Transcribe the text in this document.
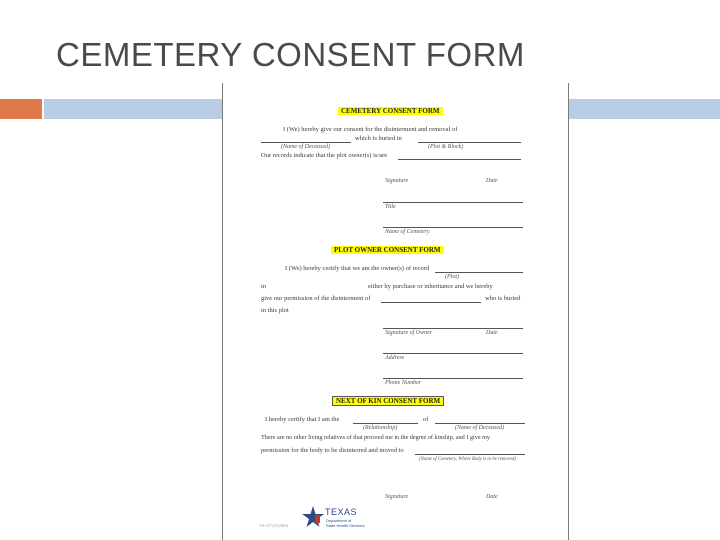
CEMETERY CONSENT FORM
CEMETERY CONSENT FORM
I (We) hereby give our consent for the disinterment and removal of
which is buried in
(Name of Deceased)	(Plot & Block)
Our records indicate that the plot owner(s) is/are
Signature	Date
Title
Name of Cemetery
PLOT OWNER CONSENT FORM
I (We) hereby certify that we am the owner(s) of record
(Plot)
in	either by purchase or inheritance and we hereby
give our permission of the disinterment of	who is buried
in this plot
Signature of Owner	Date
Address
Phone Number
NEXT OF KIN CONSENT FORM
I hereby certify that I am the	of
(Relationship)	(Name of Deceased)
There are no other living relatives of that proceed me in the degree of kinship, and I give my
permission for the body to be disinterred and moved to
(Name of Cemetery, Where Body is to be removed)
Signature	Date
TEXAS
Department of
State Health Services
VS-127 (10/2003)
